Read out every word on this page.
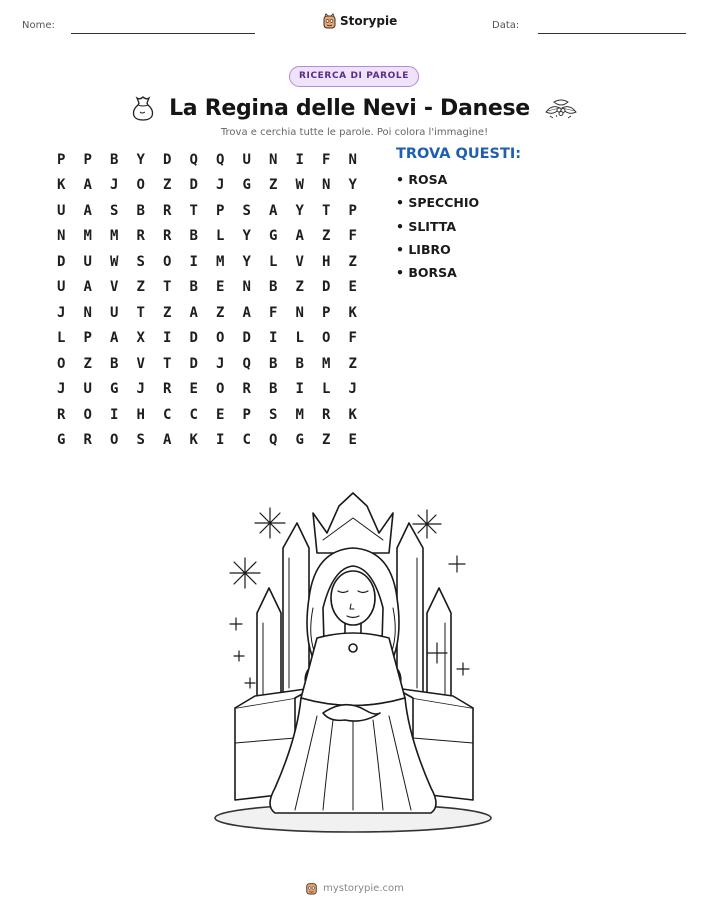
Nome:	Storypie	Data:
RICERCA DI PAROLE
La Regina delle Nevi - Danese
Trova e cerchia tutte le parole. Poi colora l'immagine!
P	P	B	Y	D	Q	Q	U	N	I	F	N
K	A	J	O	Z	D	J	G	Z	W	N	Y
U	A	S	B	R	T	P	S	A	Y	T	P
N	M	M	R	R	B	L	Y	G	A	Z	F
D	U	W	S	O	I	M	Y	L	V	H	Z
U	A	V	Z	T	B	E	N	B	Z	D	E
J	N	U	T	Z	A	Z	A	F	N	P	K
L	P	A	X	I	D	O	D	I	L	O	F
O	Z	B	V	T	D	J	Q	B	B	M	Z
J	U	G	J	R	E	O	R	B	I	L	J
R	O	I	H	C	C	E	P	S	M	R	K
G	R	O	S	A	K	I	C	Q	G	Z	E
TROVA QUESTI:
• ROSA
• SPECCHIO
• SLITTA
• LIBRO
• BORSA
mystorypie.com
